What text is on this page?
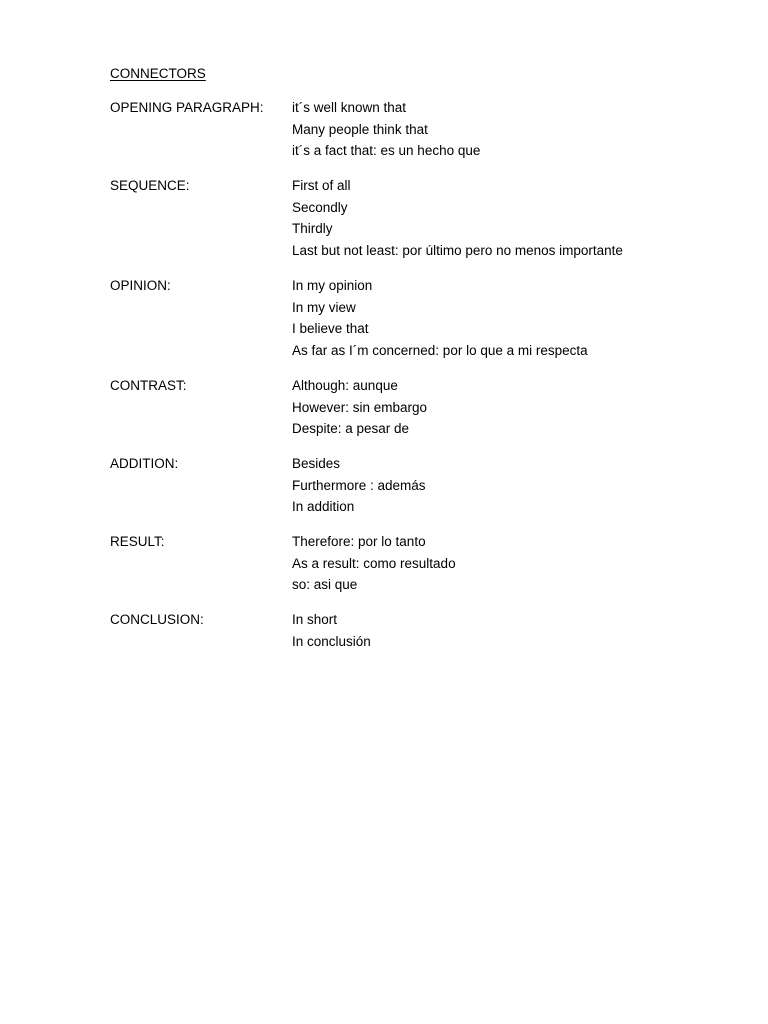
CONNECTORS
OPENING PARAGRAPH: it´s well known that
Many people think that
it´s a fact that: es un hecho que
SEQUENCE:	First of all
Secondly
Thirdly
Last but not least: por último pero no menos importante
OPINION:	In my opinion
In my view
I believe that
As far as I´m concerned: por lo que a mi respecta
CONTRAST:	Although: aunque
However: sin embargo
Despite: a pesar de
ADDITION:	Besides
Furthermore : además
In addition
RESULT:	Therefore: por lo tanto
As a result: como resultado
so: asi que
CONCLUSION:	In short
In conclusión
